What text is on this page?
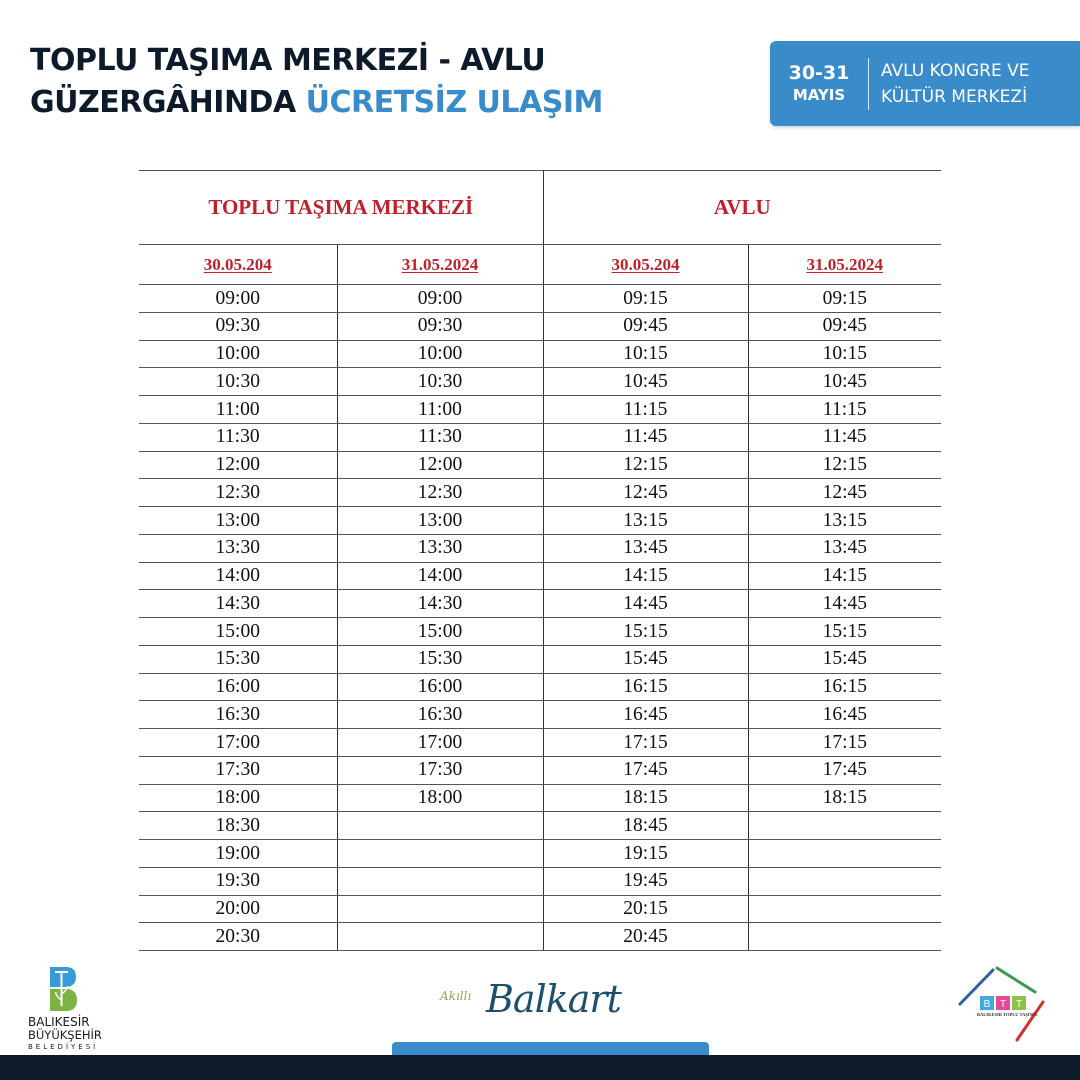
TOPLU TAŞIMA MERKEZİ - AVLU
GÜZERGÂHINDA ÜCRETSİZ ULAŞIM
30-31
MAYIS
AVLU KONGRE VE
KÜLTÜR MERKEZİ
TOPLU TAŞIMA MERKEZİ		AVLU	
30.05.204	31.05.2024	30.05.204	31.05.2024
09:00	09:00	09:15	09:15
09:30	09:30	09:45	09:45
10:00	10:00	10:15	10:15
10:30	10:30	10:45	10:45
11:00	11:00	11:15	11:15
11:30	11:30	11:45	11:45
12:00	12:00	12:15	12:15
12:30	12:30	12:45	12:45
13:00	13:00	13:15	13:15
13:30	13:30	13:45	13:45
14:00	14:00	14:15	14:15
14:30	14:30	14:45	14:45
15:00	15:00	15:15	15:15
15:30	15:30	15:45	15:45
16:00	16:00	16:15	16:15
16:30	16:30	16:45	16:45
17:00	17:00	17:15	17:15
17:30	17:30	17:45	17:45
18:00	18:00	18:15	18:15
18:30		18:45	
19:00		19:15	
19:30		19:45	
20:00		20:15	
20:30		20:45	
BALIKESİR
BÜYÜKŞEHİR
BELEDİYESİ
Akıllı Balkart	B T T
BALIKESİR TOPLU TAŞIMA
